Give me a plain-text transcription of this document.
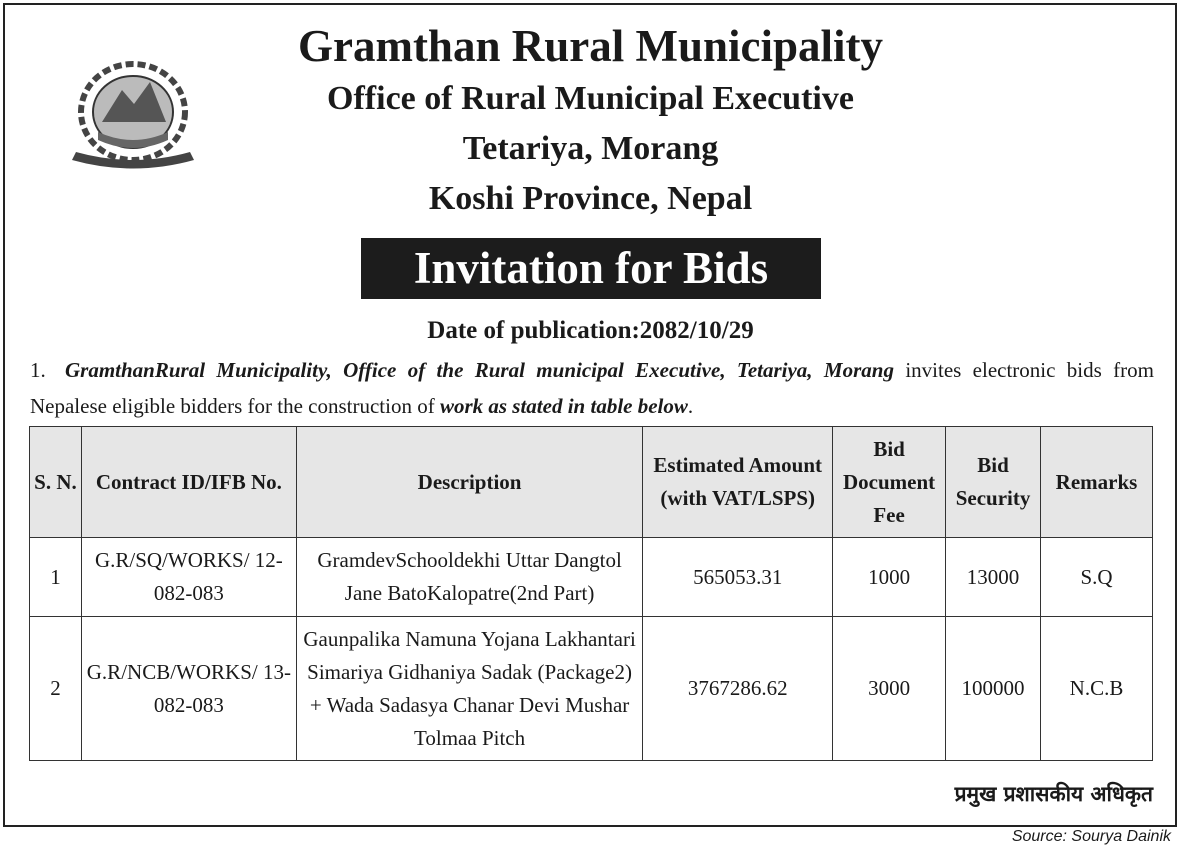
Gramthan Rural Municipality
Office of Rural Municipal Executive
Tetariya, Morang
Koshi Province, Nepal
Invitation for Bids
Date of publication:2082/10/29
1. GramthanRural Municipality, Office of the Rural municipal Executive, Tetariya, Morang invites electronic bids from Nepalese eligible bidders for the construction of work as stated in table below.
S. N.	Contract ID/IFB No.	Description	Estimated Amount (with VAT/LSPS)	Bid Document Fee	Bid Security	Remarks
1	G.R/SQ/WORKS/ 12-082-083	GramdevSchooldekhi Uttar Dangtol Jane BatoKalopatre(2nd Part)	565053.31	1000	13000	S.Q
2	G.R/NCB/WORKS/ 13-082-083	Gaunpalika Namuna Yojana Lakhantari Simariya Gidhaniya Sadak (Package2) + Wada Sadasya Chanar Devi Mushar Tolmaa Pitch	3767286.62	3000	100000	N.C.B
प्रमुख प्रशासकीय अधिकृत
Source: Sourya Dainik
